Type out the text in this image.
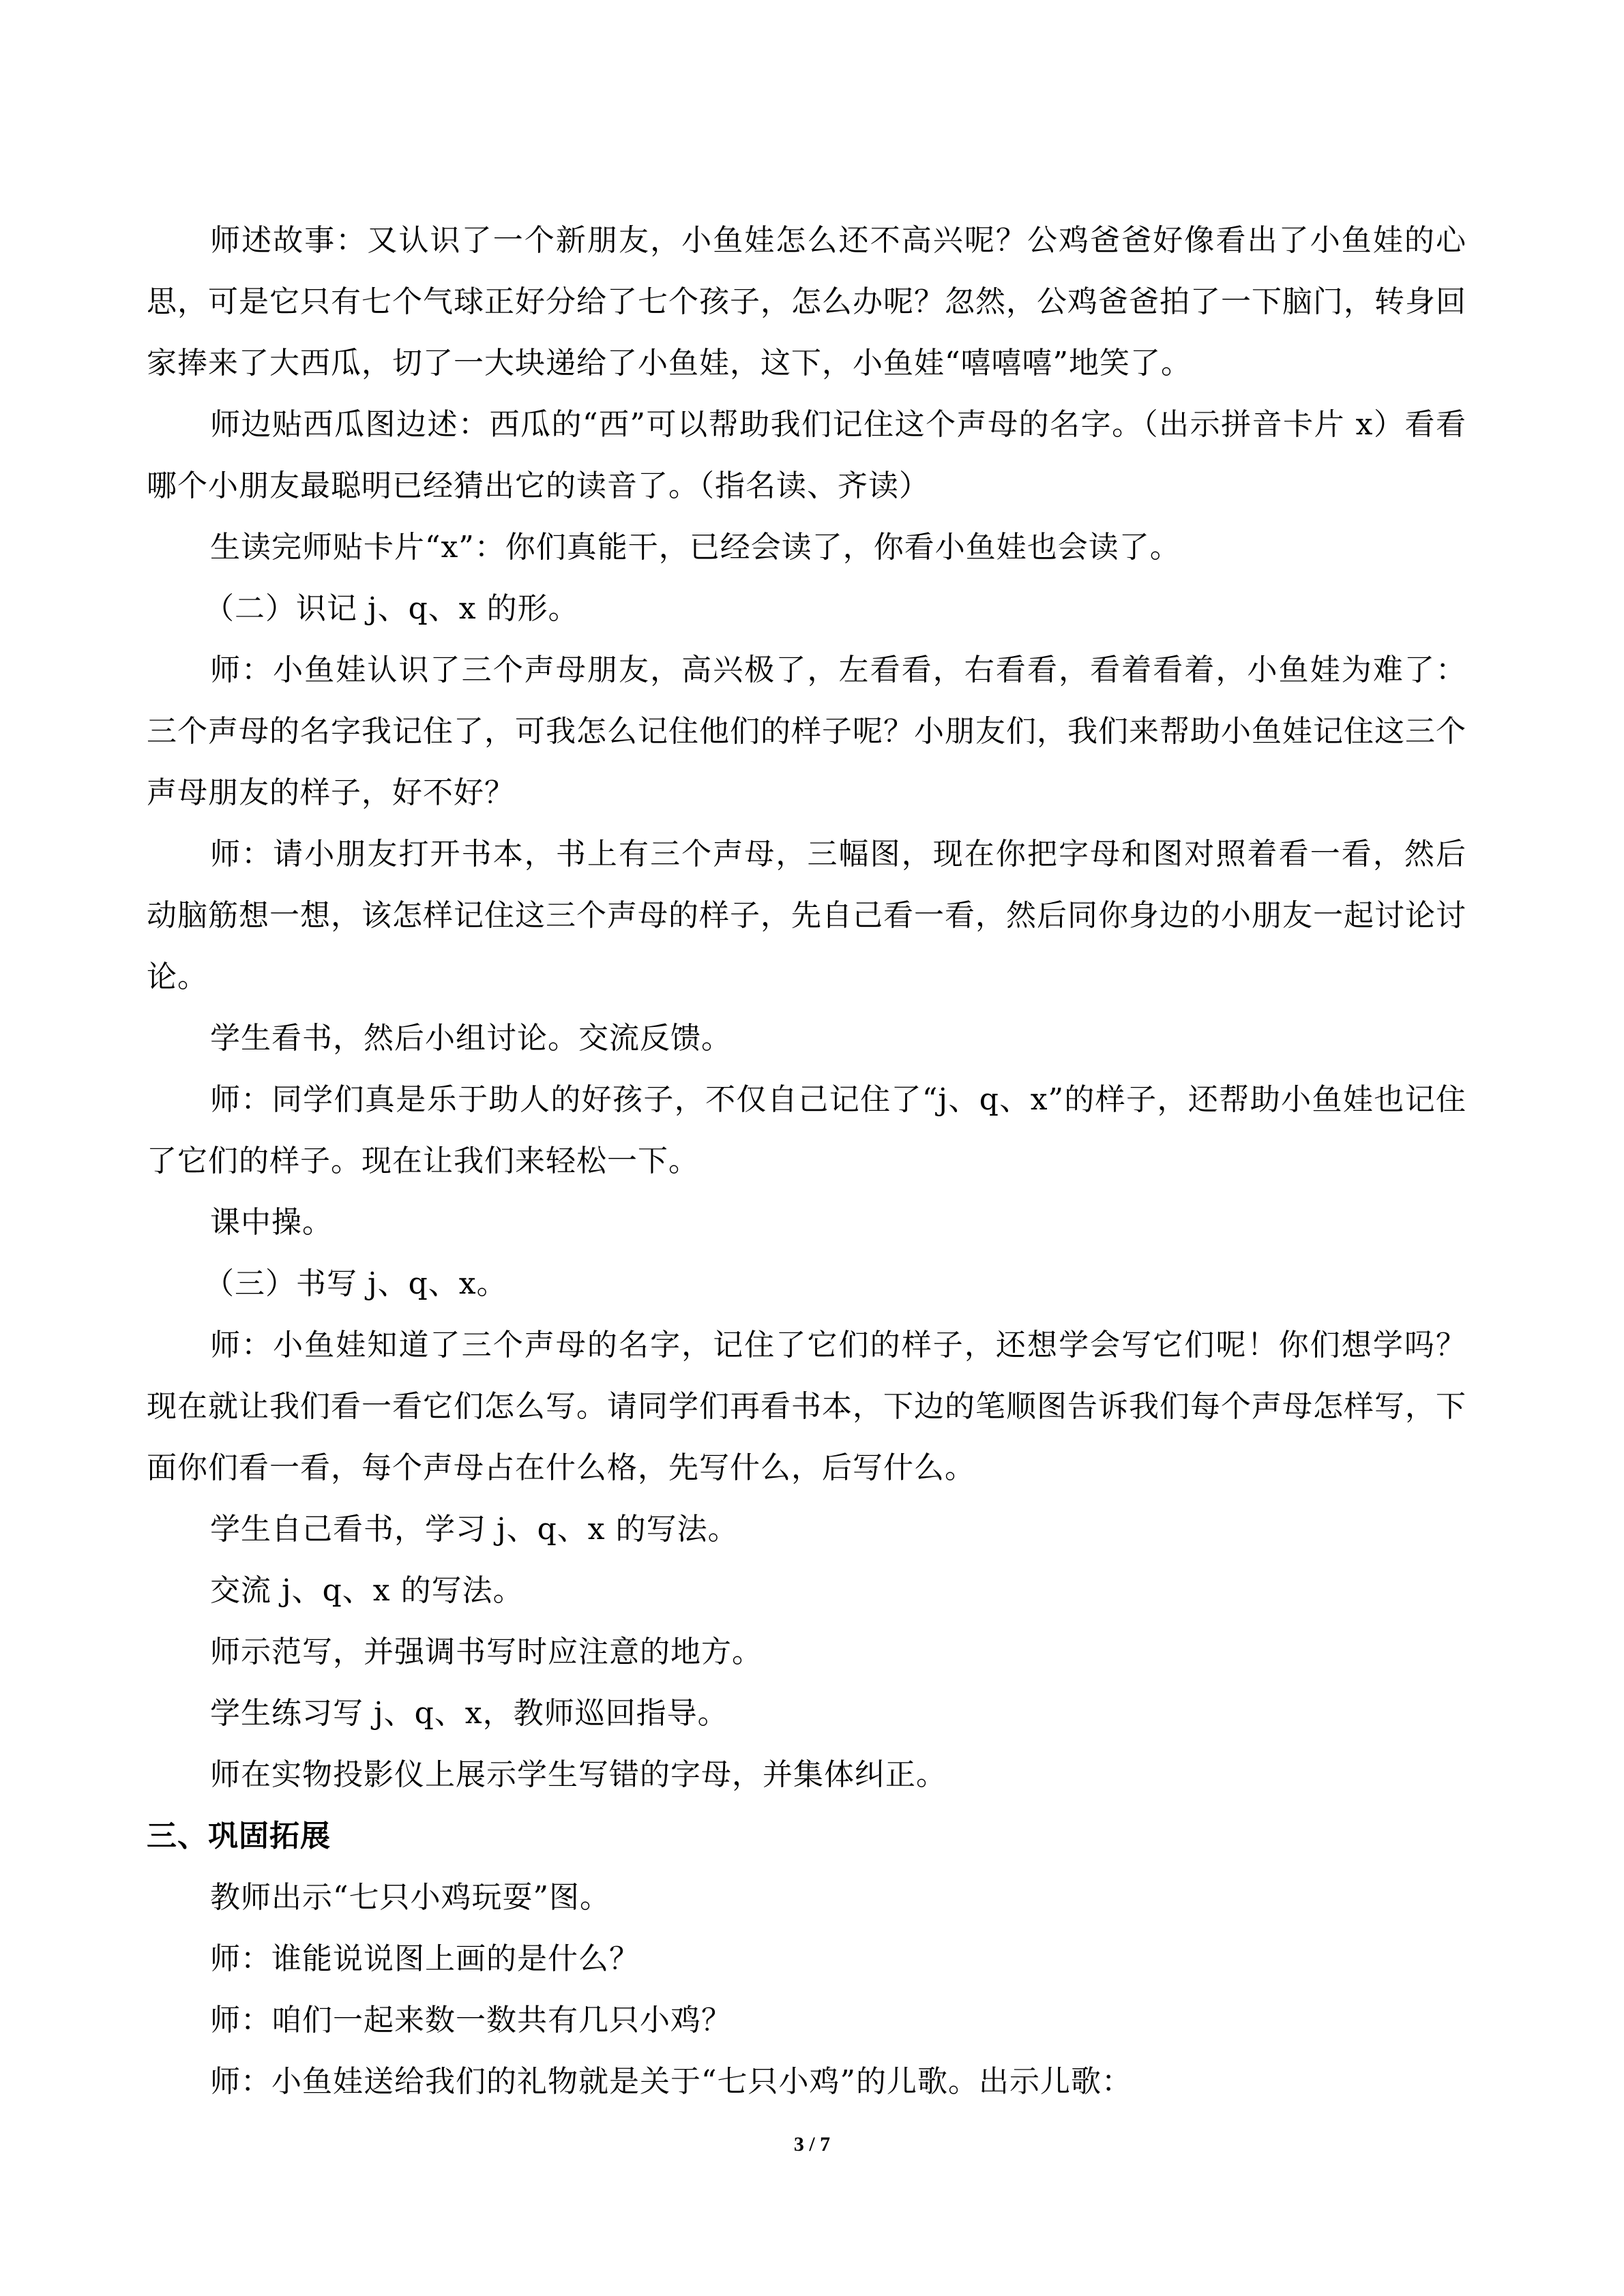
师述故事：又认识了一个新朋友，小鱼娃怎么还不高兴呢？公鸡爸爸好像看出了小鱼娃的心思，可是它只有七个气球正好分给了七个孩子，怎么办呢？忽然，公鸡爸爸拍了一下脑门，转身回家捧来了大西瓜，切了一大块递给了小鱼娃，这下，小鱼娃“嘻嘻嘻”地笑了。

师边贴西瓜图边述：西瓜的“西”可以帮助我们记住这个声母的名字。（出示拼音卡片 x）看看哪个小朋友最聪明已经猜出它的读音了。（指名读、齐读）

生读完师贴卡片“x”：你们真能干，已经会读了，你看小鱼娃也会读了。

（二）识记 j、q、x 的形。

师：小鱼娃认识了三个声母朋友，高兴极了，左看看，右看看，看着看着，小鱼娃为难了：三个声母的名字我记住了，可我怎么记住他们的样子呢？小朋友们，我们来帮助小鱼娃记住这三个声母朋友的样子，好不好？

师：请小朋友打开书本，书上有三个声母，三幅图，现在你把字母和图对照着看一看，然后动脑筋想一想，该怎样记住这三个声母的样子，先自己看一看，然后同你身边的小朋友一起讨论讨论。

学生看书，然后小组讨论。交流反馈。

师：同学们真是乐于助人的好孩子，不仅自己记住了“j、q、x”的样子，还帮助小鱼娃也记住了它们的样子。现在让我们来轻松一下。

课中操。

（三）书写 j、q、x。

师：小鱼娃知道了三个声母的名字，记住了它们的样子，还想学会写它们呢！你们想学吗？现在就让我们看一看它们怎么写。请同学们再看书本，下边的笔顺图告诉我们每个声母怎样写，下面你们看一看，每个声母占在什么格，先写什么，后写什么。

学生自己看书，学习 j、q、x 的写法。

交流 j、q、x 的写法。

师示范写，并强调书写时应注意的地方。

学生练习写 j、q、x，教师巡回指导。

师在实物投影仪上展示学生写错的字母，并集体纠正。

三、巩固拓展

教师出示“七只小鸡玩耍”图。

师：谁能说说图上画的是什么？

师：咱们一起来数一数共有几只小鸡？

师：小鱼娃送给我们的礼物就是关于“七只小鸡”的儿歌。出示儿歌：

3 / 7
